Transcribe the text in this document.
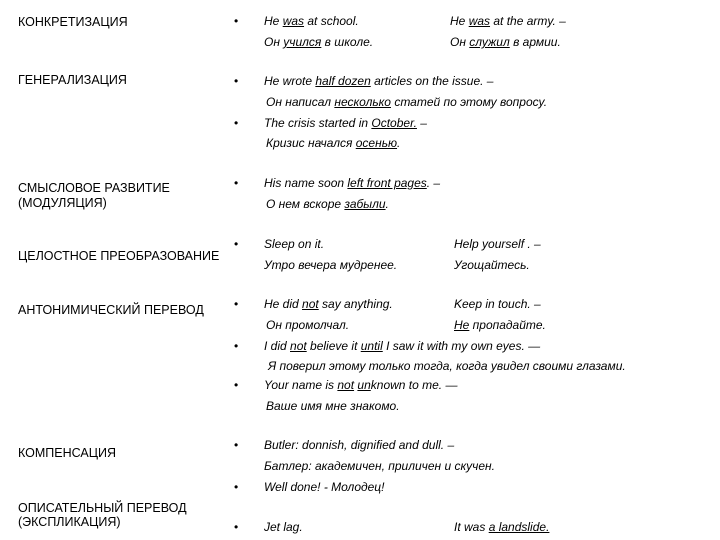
КОНКРЕТИЗАЦИЯ
ГЕНЕРАЛИЗАЦИЯ
СМЫСЛОВОЕ РАЗВИТИЕ
(МОДУЛЯЦИЯ)
ЦЕЛОСТНОЕ ПРЕОБРАЗОВАНИЕ
АНТОНИМИЧЕСКИЙ ПЕРЕВОД
КОМПЕНСАЦИЯ
ОПИСАТЕЛЬНЫЙ ПЕРЕВОД
(ЭКСПЛИКАЦИЯ)
•
•
•
•
•
•
•
•
•
•
•
He was at school.
Он учился в школе.
He was at the army. –
Он служил в армии.
He wrote half dozen articles on the issue. –
Он написал несколько статей по этому вопросу.
The crisis started in October. –
Кризис начался осенью.
His name soon left front pages. –
О нем вскоре забыли.
Sleep on it.
Утро вечера мудренее.
Help yourself . –
Угощайтесь.
He did not say anything.
Он промолчал.
Keep in touch. –
Не пропадайте.
I did not believe it until I saw it with my own eyes. —
Я поверил этому только тогда, когда увидел своими глазами.
Your name is not unknown to me. —
Ваше имя мне знакомо.
Butler: donnish, dignified and dull. –
Батлер: академичен, приличен и скучен.
Well done! - Молодец!
Jet lag.	It was a landslide.
